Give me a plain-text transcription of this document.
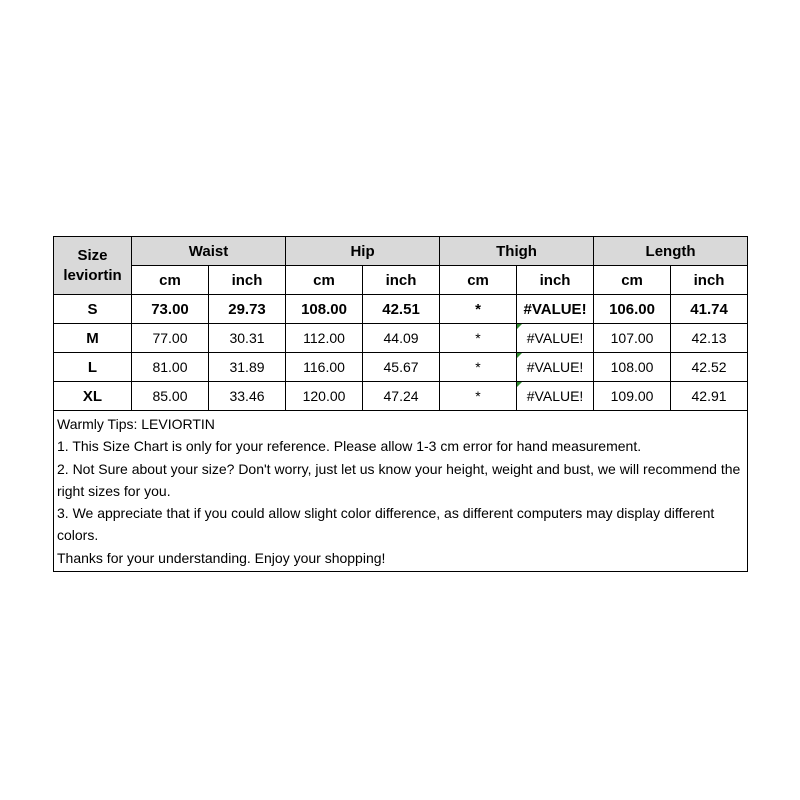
Size
leviortin	Waist		Hip		Thigh		Length	
	cm	inch	cm	inch	cm	inch	cm	inch
S	73.00	29.73	108.00	42.51	*	#VALUE!	106.00	41.74
M	77.00	30.31	112.00	44.09	*	#VALUE!	107.00	42.13
L	81.00	31.89	116.00	45.67	*	#VALUE!	108.00	42.52
XL	85.00	33.46	120.00	47.24	*	#VALUE!	109.00	42.91

Warmly Tips: LEVIORTIN
1. This Size Chart is only for your reference. Please allow 1-3 cm error for hand measurement.
2. Not Sure about your size? Don't worry, just let us know your height, weight and bust, we will recommend the right sizes for you.
3. We appreciate that if you could allow slight color difference, as different computers may display different colors.
Thanks for your understanding. Enjoy your shopping!								
